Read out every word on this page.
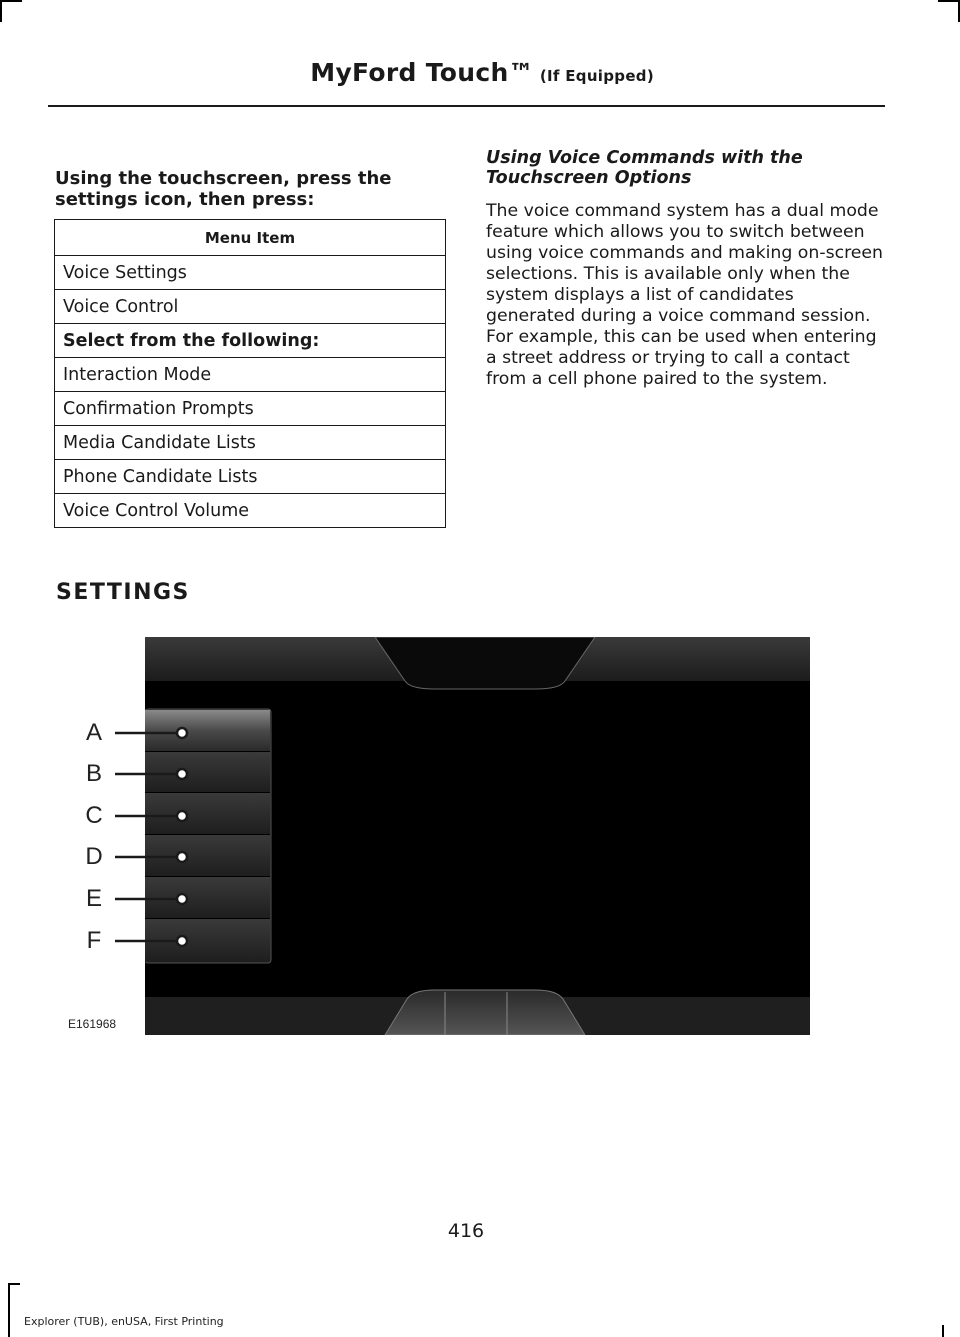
MyFord Touch™ (If Equipped)
Using the touchscreen, press the settings icon, then press:
Menu Item
Voice Settings
Voice Control
Select from the following:
Interaction Mode
Confirmation Prompts
Media Candidate Lists
Phone Candidate Lists
Voice Control Volume
Using Voice Commands with the Touchscreen Options
The voice command system has a dual mode feature which allows you to switch between using voice commands and making on-screen selections. This is available only when the system displays a list of candidates generated during a voice command session. For example, this can be used when entering a street address or trying to call a contact from a cell phone paired to the system.
SETTINGS
A
B
C
D
E
F
E161968
416
Explorer (TUB), enUSA, First Printing
